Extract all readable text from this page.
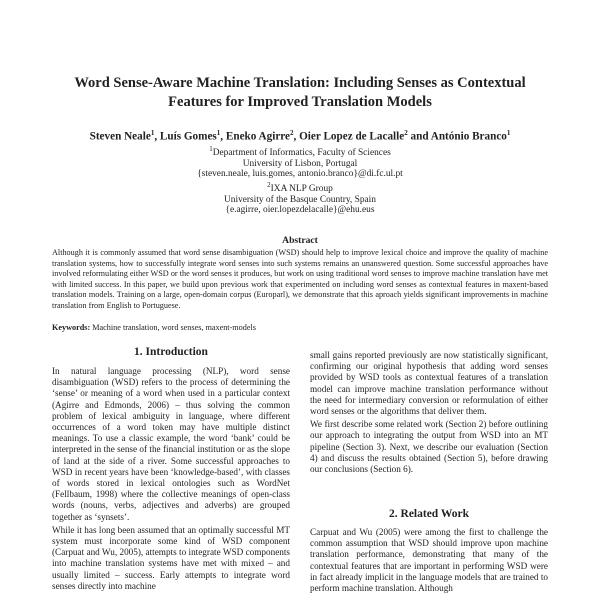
Word Sense-Aware Machine Translation: Including Senses as Contextual
Features for Improved Translation Models
Steven Neale$^1$, Luís Gomes$^1$, Eneko Agirre$^2$, Oier Lopez de Lacalle$^2$ and António Branco$^1$
$^1$Department of Informatics, Faculty of Sciences
University of Lisbon, Portugal
{steven.neale, luis.gomes, antonio.branco}@di.fc.ul.pt
$^2$IXA NLP Group
University of the Basque Country, Spain
{e.agirre, oier.lopezdelacalle}@ehu.eus
Abstract
Although it is commonly assumed that word sense disambiguation (WSD) should help to improve lexical choice and improve the quality of machine translation systems, how to successfully integrate word senses into such systems remains an unanswered question. Some successful approaches have involved reformulating either WSD or the word senses it produces, but work on using traditional word senses to improve machine translation have met with limited success. In this paper, we build upon previous work that experimented on including word senses as contextual features in maxent-based translation models. Training on a large, open-domain corpus (Europarl), we demonstrate that this aproach yields significant improvements in machine translation from English to Portuguese.
Keywords: Machine translation, word senses, maxent-models
1. Introduction

In natural language processing (NLP), word sense disambiguation (WSD) refers to the process of determining the ‘sense’ or meaning of a word when used in a particular context (Agirre and Edmonds, 2006) – thus solving the common problem of lexical ambiguity in language, where different occurrences of a word token may have multiple distinct meanings. To use a classic example, the word ‘bank’ could be interpreted in the sense of the financial institution or as the slope of land at the side of a river. Some successful approaches to WSD in recent years have been ‘knowledge-based’, with classes of words stored in lexical ontologies such as WordNet (Fellbaum, 1998) where the collective meanings of open-class words (nouns, verbs, adjectives and adverbs) are grouped together as ‘synsets’.

While it has long been assumed that an optimally successful MT system must incorporate some kind of WSD component (Carpuat and Wu, 2005), attempts to integrate WSD components into machine translation systems have met with mixed – and usually limited – success. Early attempts to integrate word senses directly into machine

small gains reported previously are now statistically significant, confirming our original hypothesis that adding word senses provided by WSD tools as contextual features of a translation model can improve machine translation performance without the need for intermediary conversion or reformulation of either word senses or the algorithms that deliver them.

We first describe some related work (Section 2) before outlining our approach to integrating the output from WSD into an MT pipeline (Section 3). Next, we describe our evaluation (Section 4) and discuss the results obtained (Section 5), before drawing our conclusions (Section 6).

2. Related Work

Carpuat and Wu (2005) were among the first to challenge the common assumption that WSD should improve upon machine translation performance, demonstrating that many of the contextual features that are important in performing WSD were in fact already implicit in the language models that are trained to perform machine translation. Although
